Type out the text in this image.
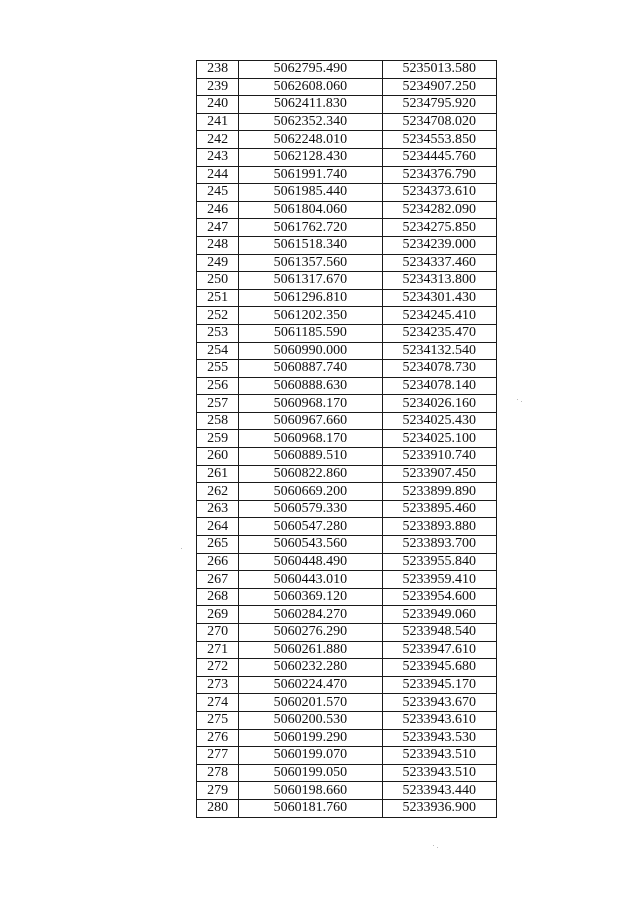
238	5062795.490	5235013.580
239	5062608.060	5234907.250
240	5062411.830	5234795.920
241	5062352.340	5234708.020
242	5062248.010	5234553.850
243	5062128.430	5234445.760
244	5061991.740	5234376.790
245	5061985.440	5234373.610
246	5061804.060	5234282.090
247	5061762.720	5234275.850
248	5061518.340	5234239.000
249	5061357.560	5234337.460
250	5061317.670	5234313.800
251	5061296.810	5234301.430
252	5061202.350	5234245.410
253	5061185.590	5234235.470
254	5060990.000	5234132.540
255	5060887.740	5234078.730
256	5060888.630	5234078.140
257	5060968.170	5234026.160
258	5060967.660	5234025.430
259	5060968.170	5234025.100
260	5060889.510	5233910.740
261	5060822.860	5233907.450
262	5060669.200	5233899.890
263	5060579.330	5233895.460
264	5060547.280	5233893.880
265	5060543.560	5233893.700
266	5060448.490	5233955.840
267	5060443.010	5233959.410
268	5060369.120	5233954.600
269	5060284.270	5233949.060
270	5060276.290	5233948.540
271	5060261.880	5233947.610
272	5060232.280	5233945.680
273	5060224.470	5233945.170
274	5060201.570	5233943.670
275	5060200.530	5233943.610
276	5060199.290	5233943.530
277	5060199.070	5233943.510
278	5060199.050	5233943.510
279	5060198.660	5233943.440
280	5060181.760	5233936.900
